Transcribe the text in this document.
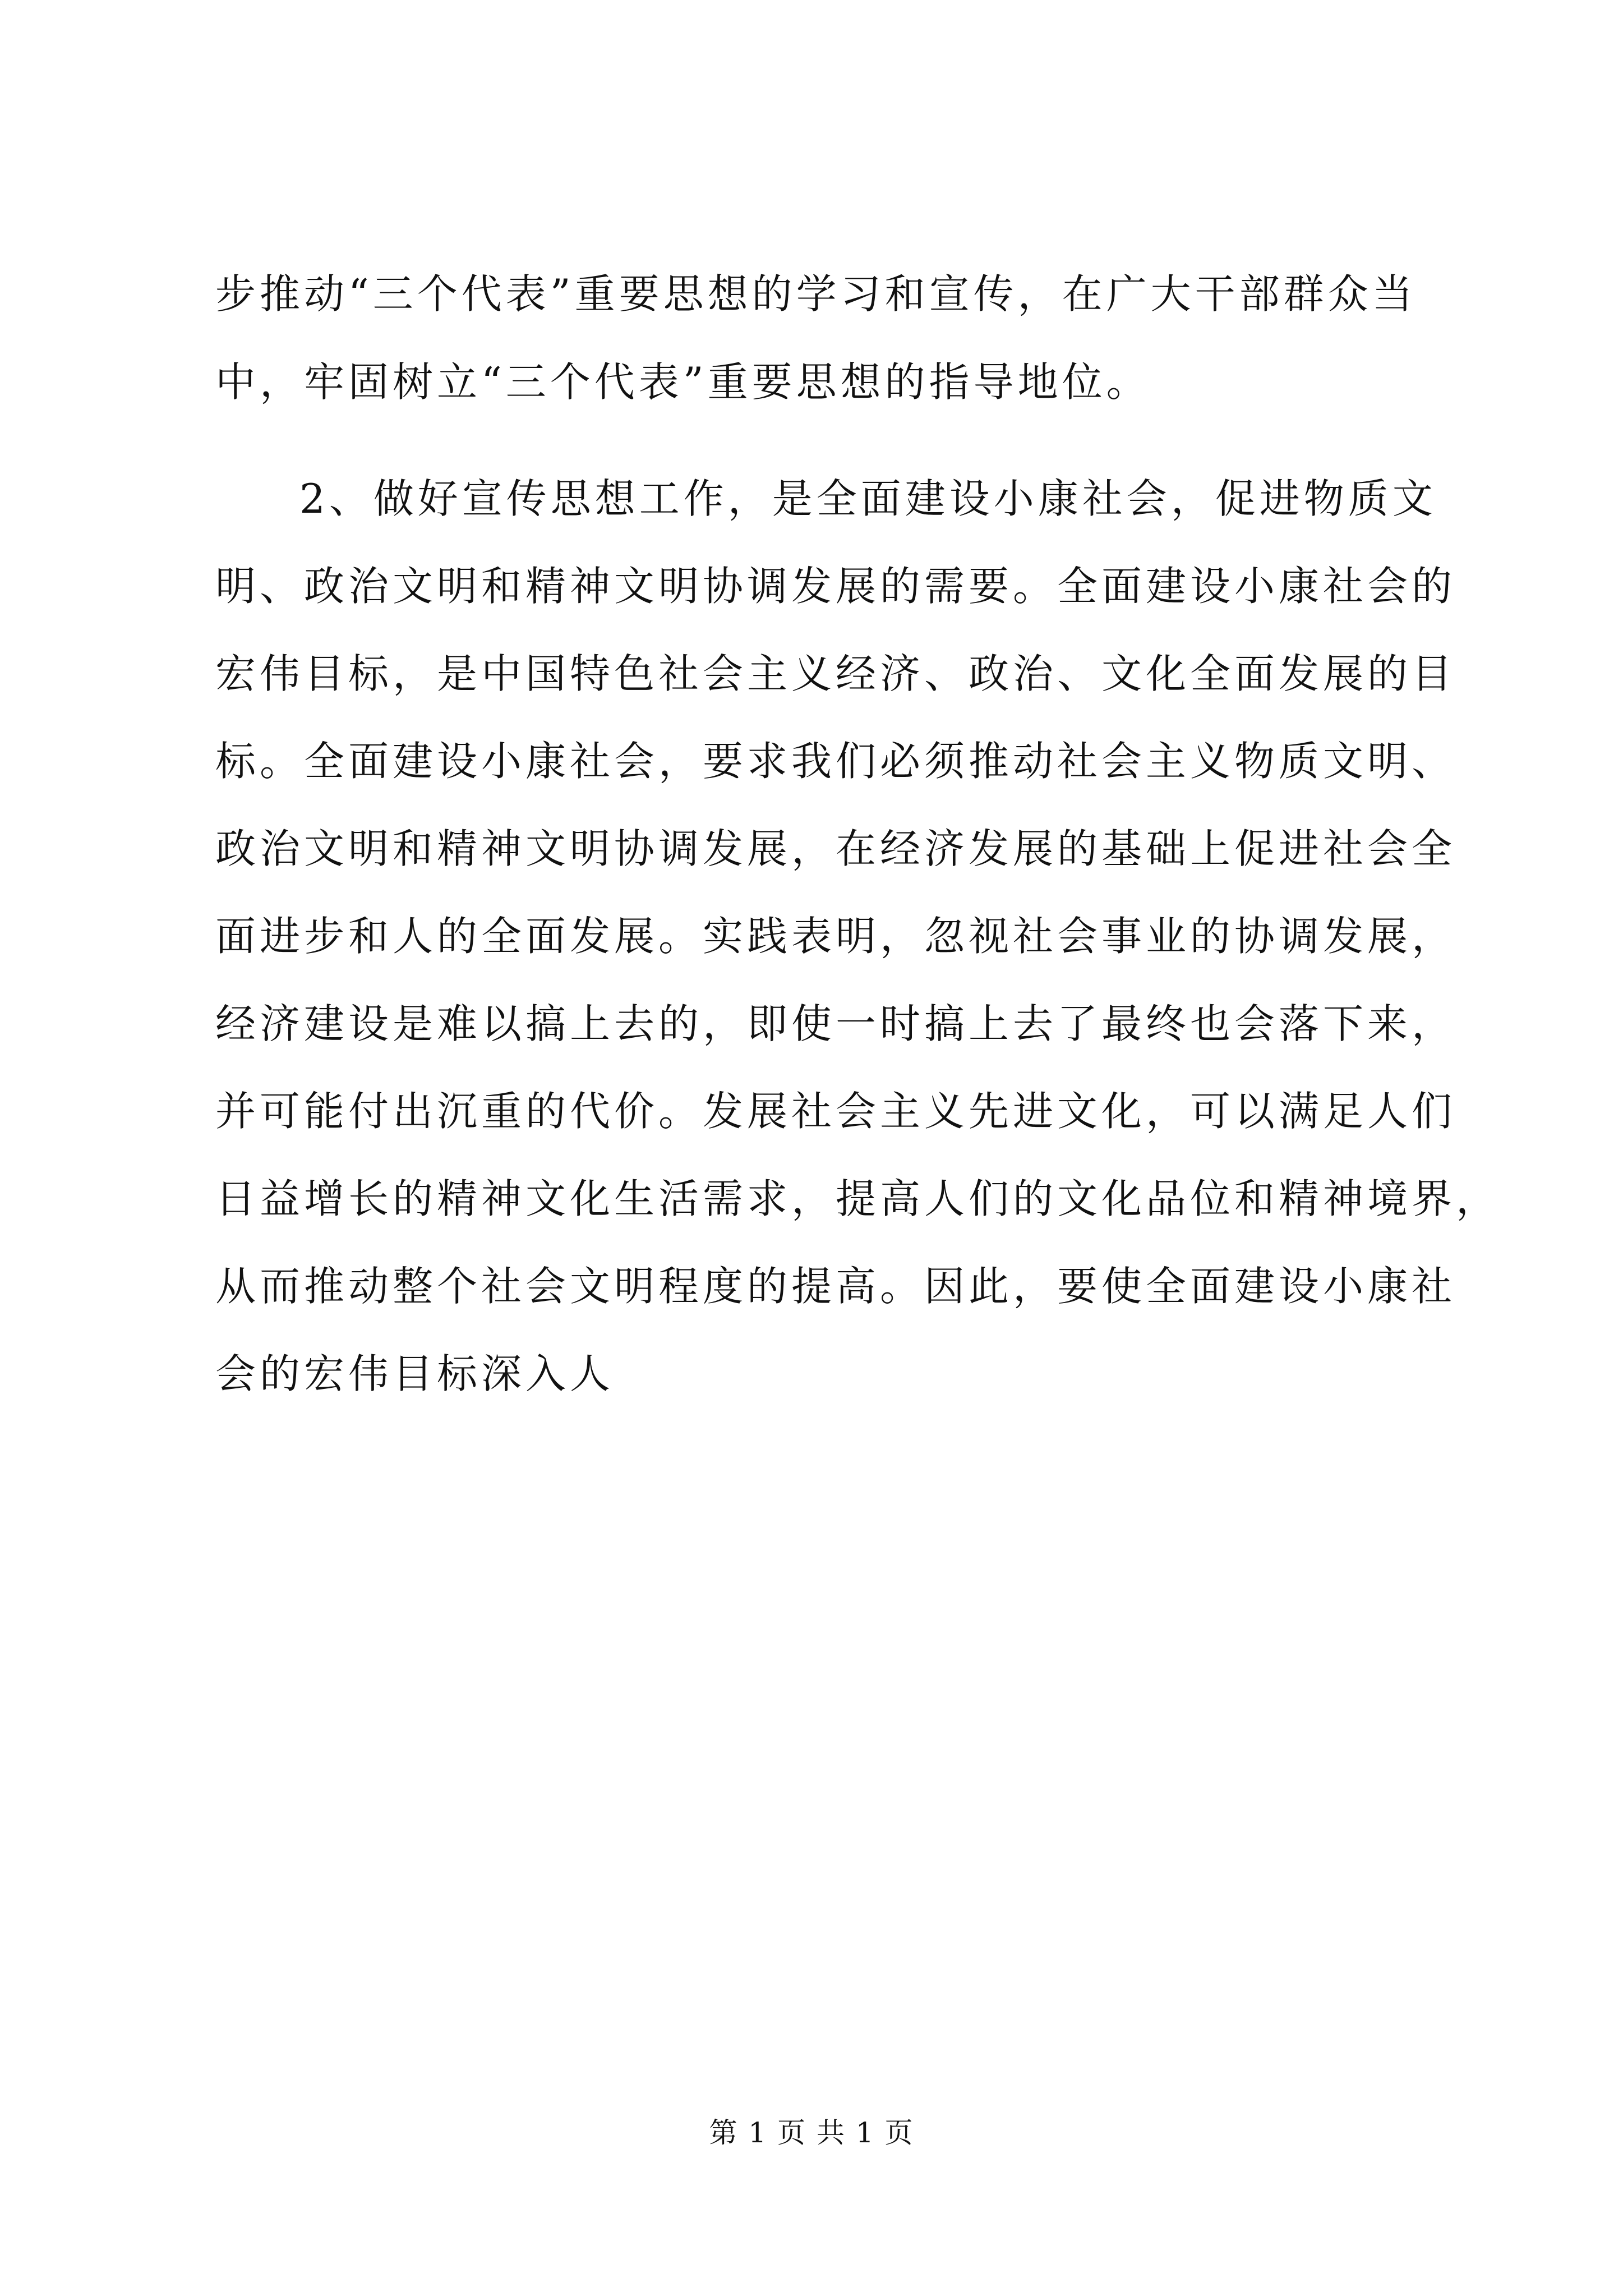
步推动“三个代表”重要思想的学习和宣传，在广大干部群众当
中，牢固树立“三个代表”重要思想的指导地位。
2、做好宣传思想工作，是全面建设小康社会，促进物质文
明、政治文明和精神文明协调发展的需要。全面建设小康社会的
宏伟目标，是中国特色社会主义经济、政治、文化全面发展的目
标。全面建设小康社会，要求我们必须推动社会主义物质文明、
政治文明和精神文明协调发展，在经济发展的基础上促进社会全
面进步和人的全面发展。实践表明，忽视社会事业的协调发展，
经济建设是难以搞上去的，即使一时搞上去了最终也会落下来，
并可能付出沉重的代价。发展社会主义先进文化，可以满足人们
日益增长的精神文化生活需求，提高人们的文化品位和精神境界，
从而推动整个社会文明程度的提高。因此，要使全面建设小康社
会的宏伟目标深入人
第 1 页 共 1 页
